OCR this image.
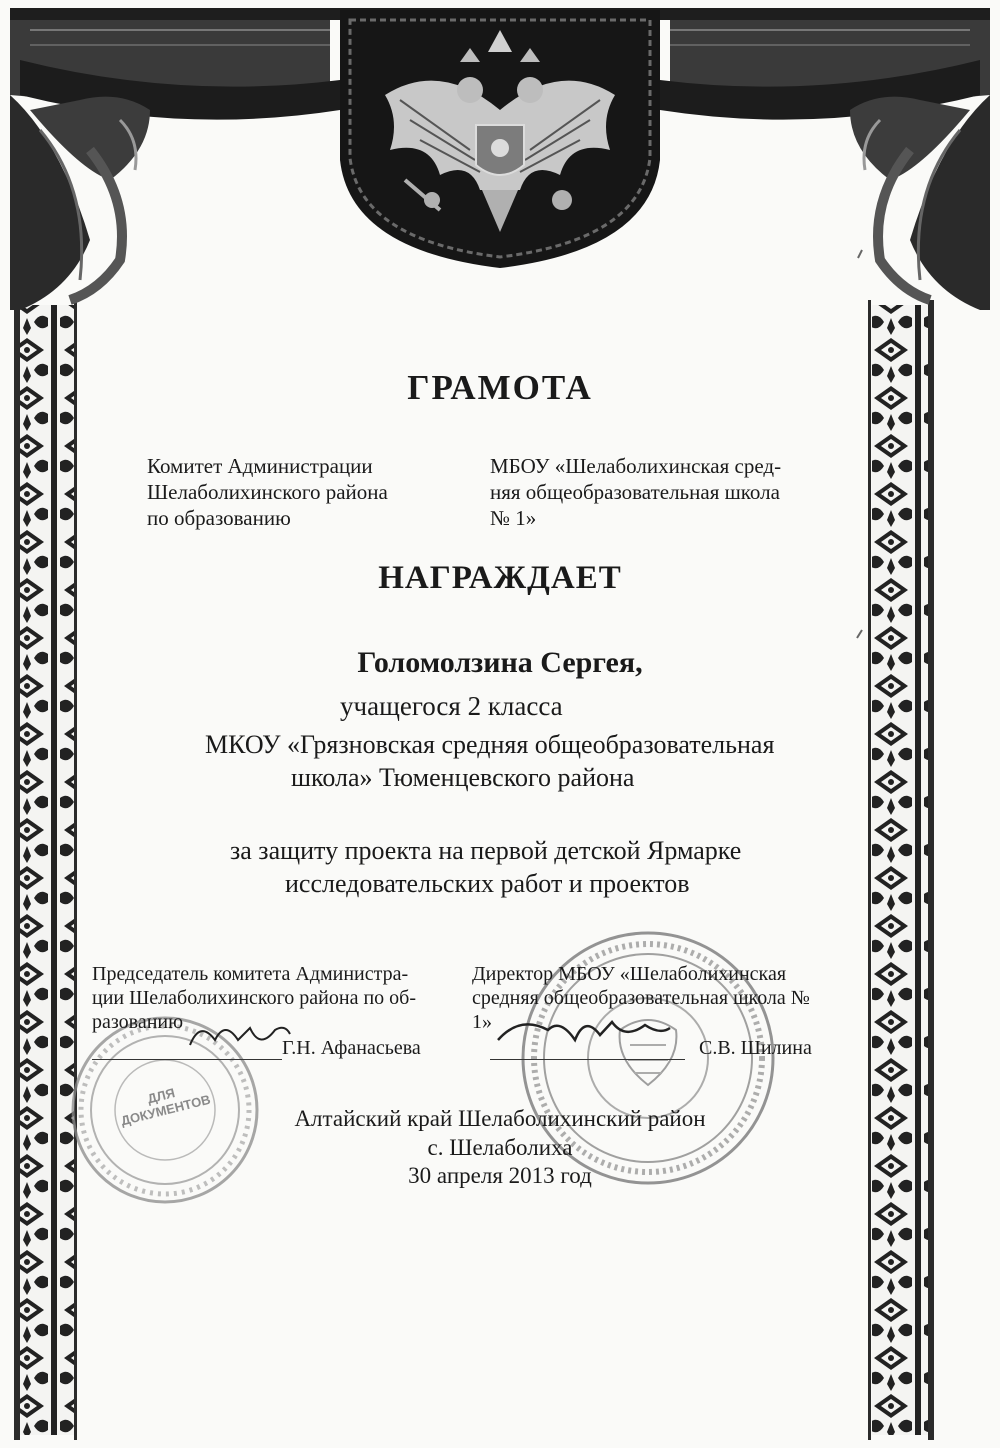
ГРАМОТА

Комитет Администрации
Шелаболихинского района
по образованию
МБОУ «Шелаболихинская сред-
няя общеобразовательная школа
№ 1»

НАГРАЖДАЕТ

Голомолзина Сергея,

учащегося 2 класса

МКОУ «Грязновская средняя общеобразовательная

школа» Тюменцевского района

за защиту проекта на первой детской Ярмарке

исследовательских работ и проектов

Председатель комитета Администра-
ции Шелаболихинского района по об-
разованию
Г.Н. Афанасьева
Директор МБОУ «Шелаболихинская
средняя общеобразовательная школа №
1»
С.В. Шилина
ДЛЯ ДОКУМЕНТОВ	Алтайский край Шелаболихинский район

с. Шелаболиха

30 апреля 2013 год
